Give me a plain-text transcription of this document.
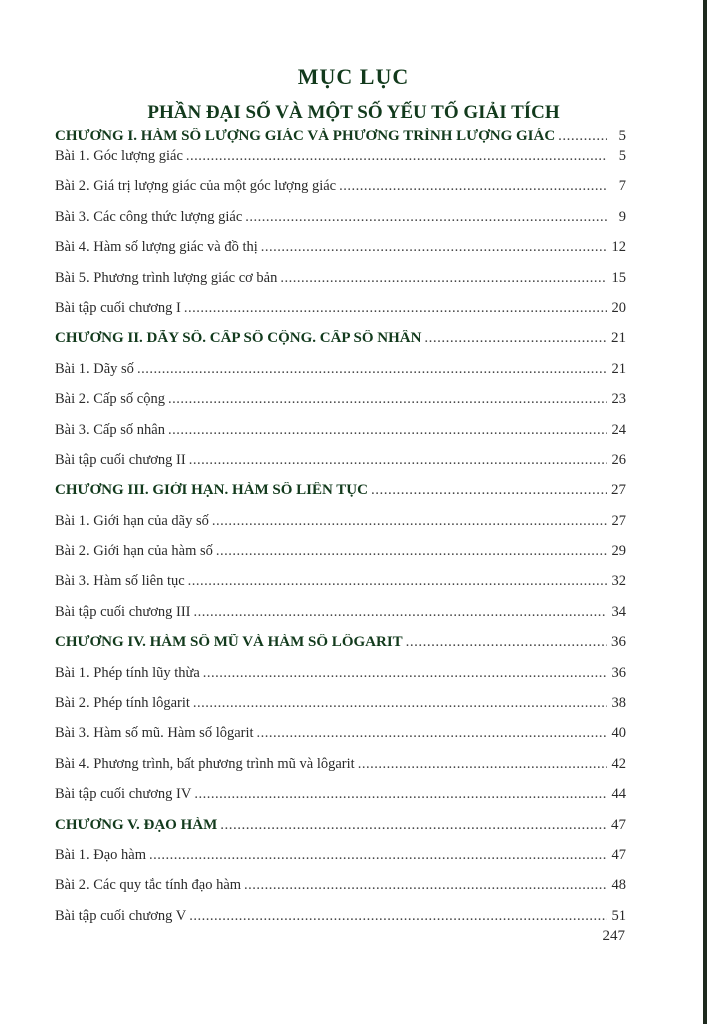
MỤC LỤC
PHẦN ĐẠI SỐ VÀ MỘT SỐ YẾU TỐ GIẢI TÍCH
CHƯƠNG I. HÀM SỐ LƯỢNG GIÁC VÀ PHƯƠNG TRÌNH LƯỢNG GIÁC .....	5
Bài 1. Góc lượng giác .....	5
Bài 2. Giá trị lượng giác của một góc lượng giác .....	7
Bài 3. Các công thức lượng giác .....	9
Bài 4. Hàm số lượng giác và đồ thị .....	12
Bài 5. Phương trình lượng giác cơ bản .....	15
Bài tập cuối chương I .....	20
CHƯƠNG II. DÃY SỐ. CẤP SỐ CỘNG. CẤP SỐ NHÂN .....	21
Bài 1. Dãy số .....	21
Bài 2. Cấp số cộng .....	23
Bài 3. Cấp số nhân .....	24
Bài tập cuối chương II .....	26
CHƯƠNG III. GIỚI HẠN. HÀM SỐ LIÊN TỤC .....	27
Bài 1. Giới hạn của dãy số .....	27
Bài 2. Giới hạn của hàm số .....	29
Bài 3. Hàm số liên tục .....	32
Bài tập cuối chương III .....	34
CHƯƠNG IV. HÀM SỐ MŨ VÀ HÀM SỐ LÔGARIT .....	36
Bài 1. Phép tính lũy thừa .....	36
Bài 2. Phép tính lôgarit .....	38
Bài 3. Hàm số mũ. Hàm số lôgarit .....	40
Bài 4. Phương trình, bất phương trình mũ và lôgarit .....	42
Bài tập cuối chương IV .....	44
CHƯƠNG V. ĐẠO HÀM .....	47
Bài 1. Đạo hàm .....	47
Bài 2. Các quy tắc tính đạo hàm .....	48
Bài tập cuối chương V .....	51
247
